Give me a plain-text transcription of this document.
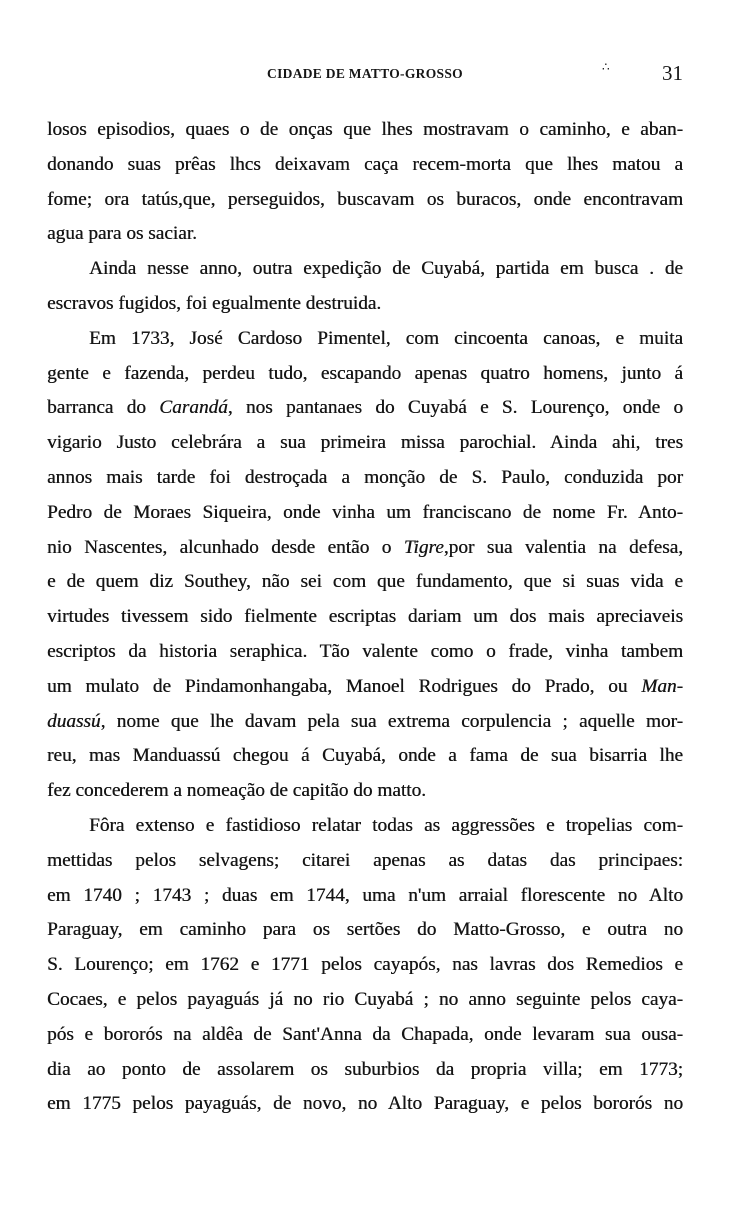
CIDADE DE MATTO-GROSSO	∴ 31
losos episodios, quaes o de onças que lhes mostravam o caminho, e aban-
donando suas prêas lhcs deixavam caça recem-morta que lhes matou a
fome; ora tatús,que, perseguidos, buscavam os buracos, onde encontravam
agua para os saciar.
Ainda nesse anno, outra expedição de Cuyabá, partida em busca . de
escravos fugidos, foi egualmente destruida.
Em 1733, José Cardoso Pimentel, com cincoenta canoas, e muita
gente e fazenda, perdeu tudo, escapando apenas quatro homens, junto á
barranca do Carandá, nos pantanaes do Cuyabá e S. Lourenço, onde o
vigario Justo celebrára a sua primeira missa parochial. Ainda ahi, tres
annos mais tarde foi destroçada a monção de S. Paulo, conduzida por
Pedro de Moraes Siqueira, onde vinha um franciscano de nome Fr. Anto-
nio Nascentes, alcunhado desde então o Tigre,por sua valentia na defesa,
e de quem diz Southey, não sei com que fundamento, que si suas vida e
virtudes tivessem sido fielmente escriptas dariam um dos mais apreciaveis
escriptos da historia seraphica. Tão valente como o frade, vinha tambem
um mulato de Pindamonhangaba, Manoel Rodrigues do Prado, ou Man-
duassú, nome que lhe davam pela sua extrema corpulencia ; aquelle mor-
reu, mas Manduassú chegou á Cuyabá, onde a fama de sua bisarria lhe
fez concederem a nomeação de capitão do matto.
Fôra extenso e fastidioso relatar todas as aggressões e tropelias com-
mettidas pelos selvagens; citarei apenas as datas das principaes:
em 1740 ; 1743 ; duas em 1744, uma n'um arraial florescente no Alto
Paraguay, em caminho para os sertões do Matto-Grosso, e outra no
S. Lourenço; em 1762 e 1771 pelos cayapós, nas lavras dos Remedios e
Cocaes, e pelos payaguás já no rio Cuyabá ; no anno seguinte pelos caya-
pós e bororós na aldêa de Sant'Anna da Chapada, onde levaram sua ousa-
dia ao ponto de assolarem os suburbios da propria villa; em 1773;
em 1775 pelos payaguás, de novo, no Alto Paraguay, e pelos bororós no
